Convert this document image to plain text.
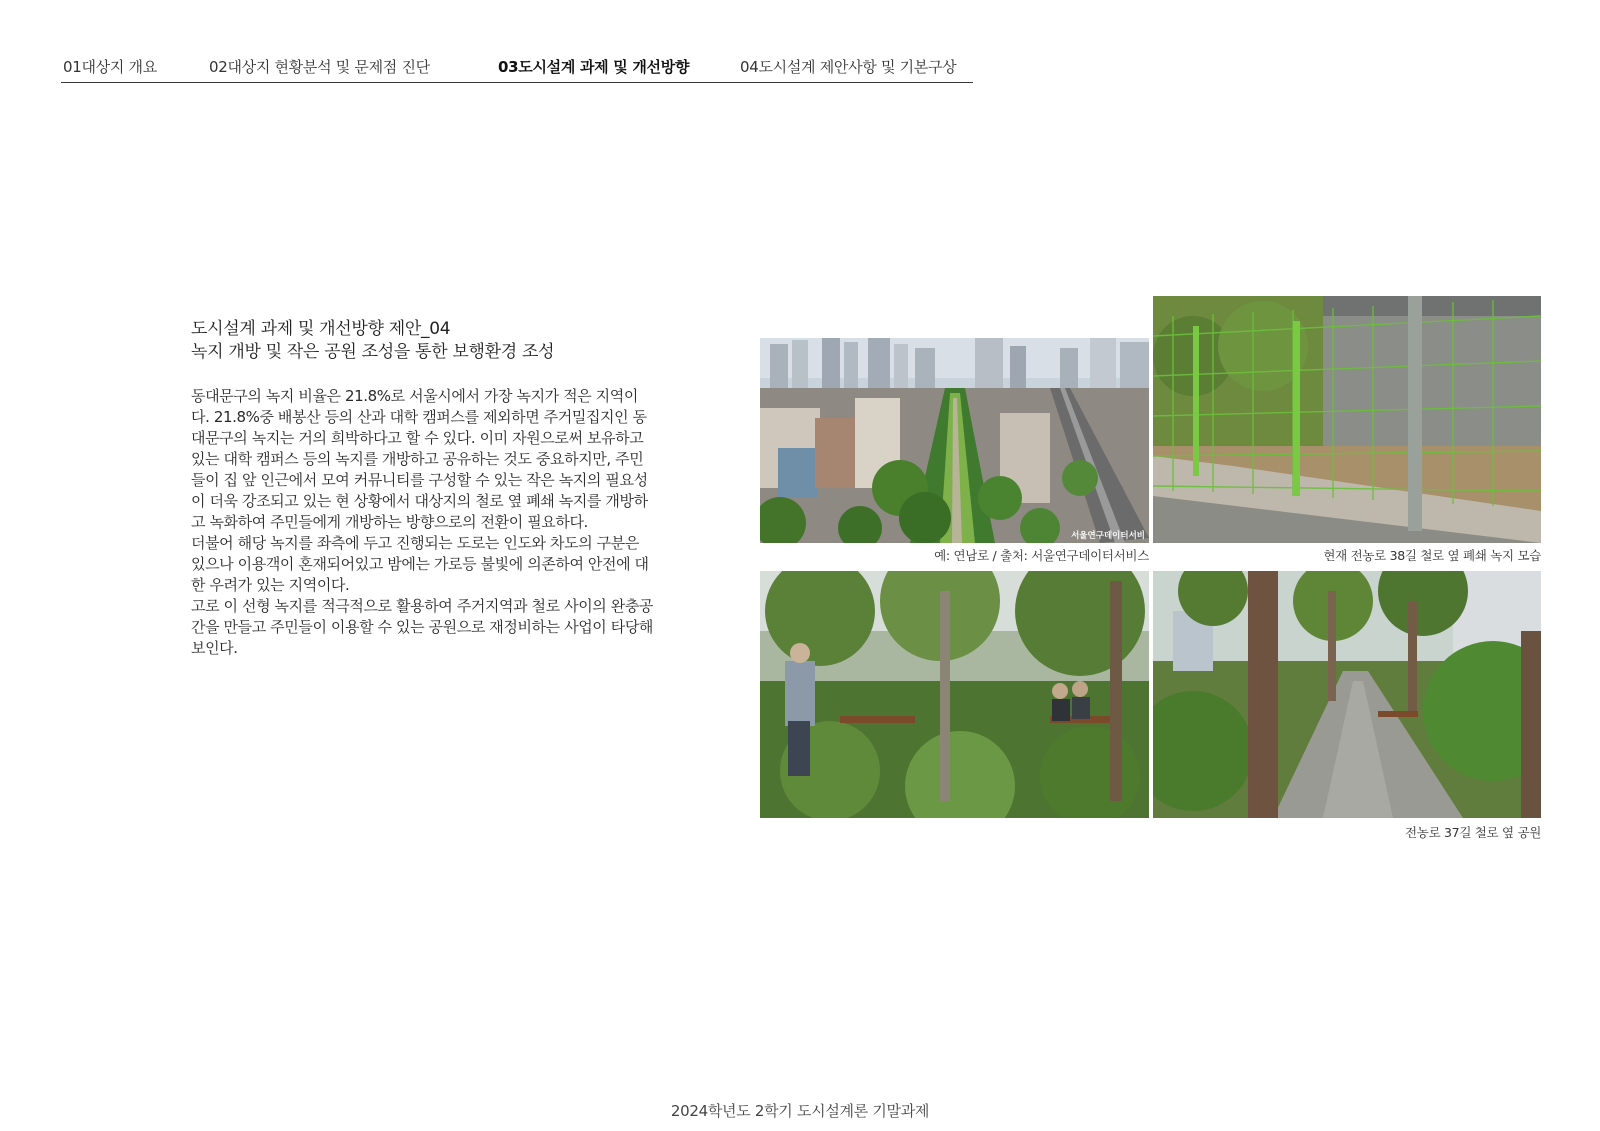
01대상지 개요	02대상지 현황분석 및 문제점 진단	03도시설계 과제 및 개선방향	04도시설계 제안사항 및 기본구상
도시설계 과제 및 개선방향 제안_04
녹지 개방 및 작은 공원 조성을 통한 보행환경 조성

동대문구의 녹지 비율은 21.8%로 서울시에서 가장 녹지가 적은 지역이다. 21.8%중 배봉산 등의 산과 대학 캠퍼스를 제외하면 주거밀집지인 동대문구의 녹지는 거의 희박하다고 할 수 있다. 이미 자원으로써 보유하고 있는 대학 캠퍼스 등의 녹지를 개방하고 공유하는 것도 중요하지만, 주민들이 집 앞 인근에서 모여 커뮤니티를 구성할 수 있는 작은 녹지의 필요성이 더욱 강조되고 있는 현 상황에서 대상지의 철로 옆 폐쇄 녹지를 개방하고 녹화하여 주민들에게 개방하는 방향으로의 전환이 필요하다.

더불어 해당 녹지를 좌측에 두고 진행되는 도로는 인도와 차도의 구분은 있으나 이용객이 혼재되어있고 밤에는 가로등 불빛에 의존하여 안전에 대한 우려가 있는 지역이다.

고로 이 선형 녹지를 적극적으로 활용하여 주거지역과 철로 사이의 완충공간을 만들고 주민들이 이용할 수 있는 공원으로 재정비하는 사업이 타당해 보인다.

서울연구데이터서비
예: 연남로 / 출처: 서울연구데이터서비스	현재 전농로 38길 철로 옆 폐쇄 녹지 모습
전농로 37길 철로 옆 공원
2024학년도 2학기 도시설계론 기말과제
